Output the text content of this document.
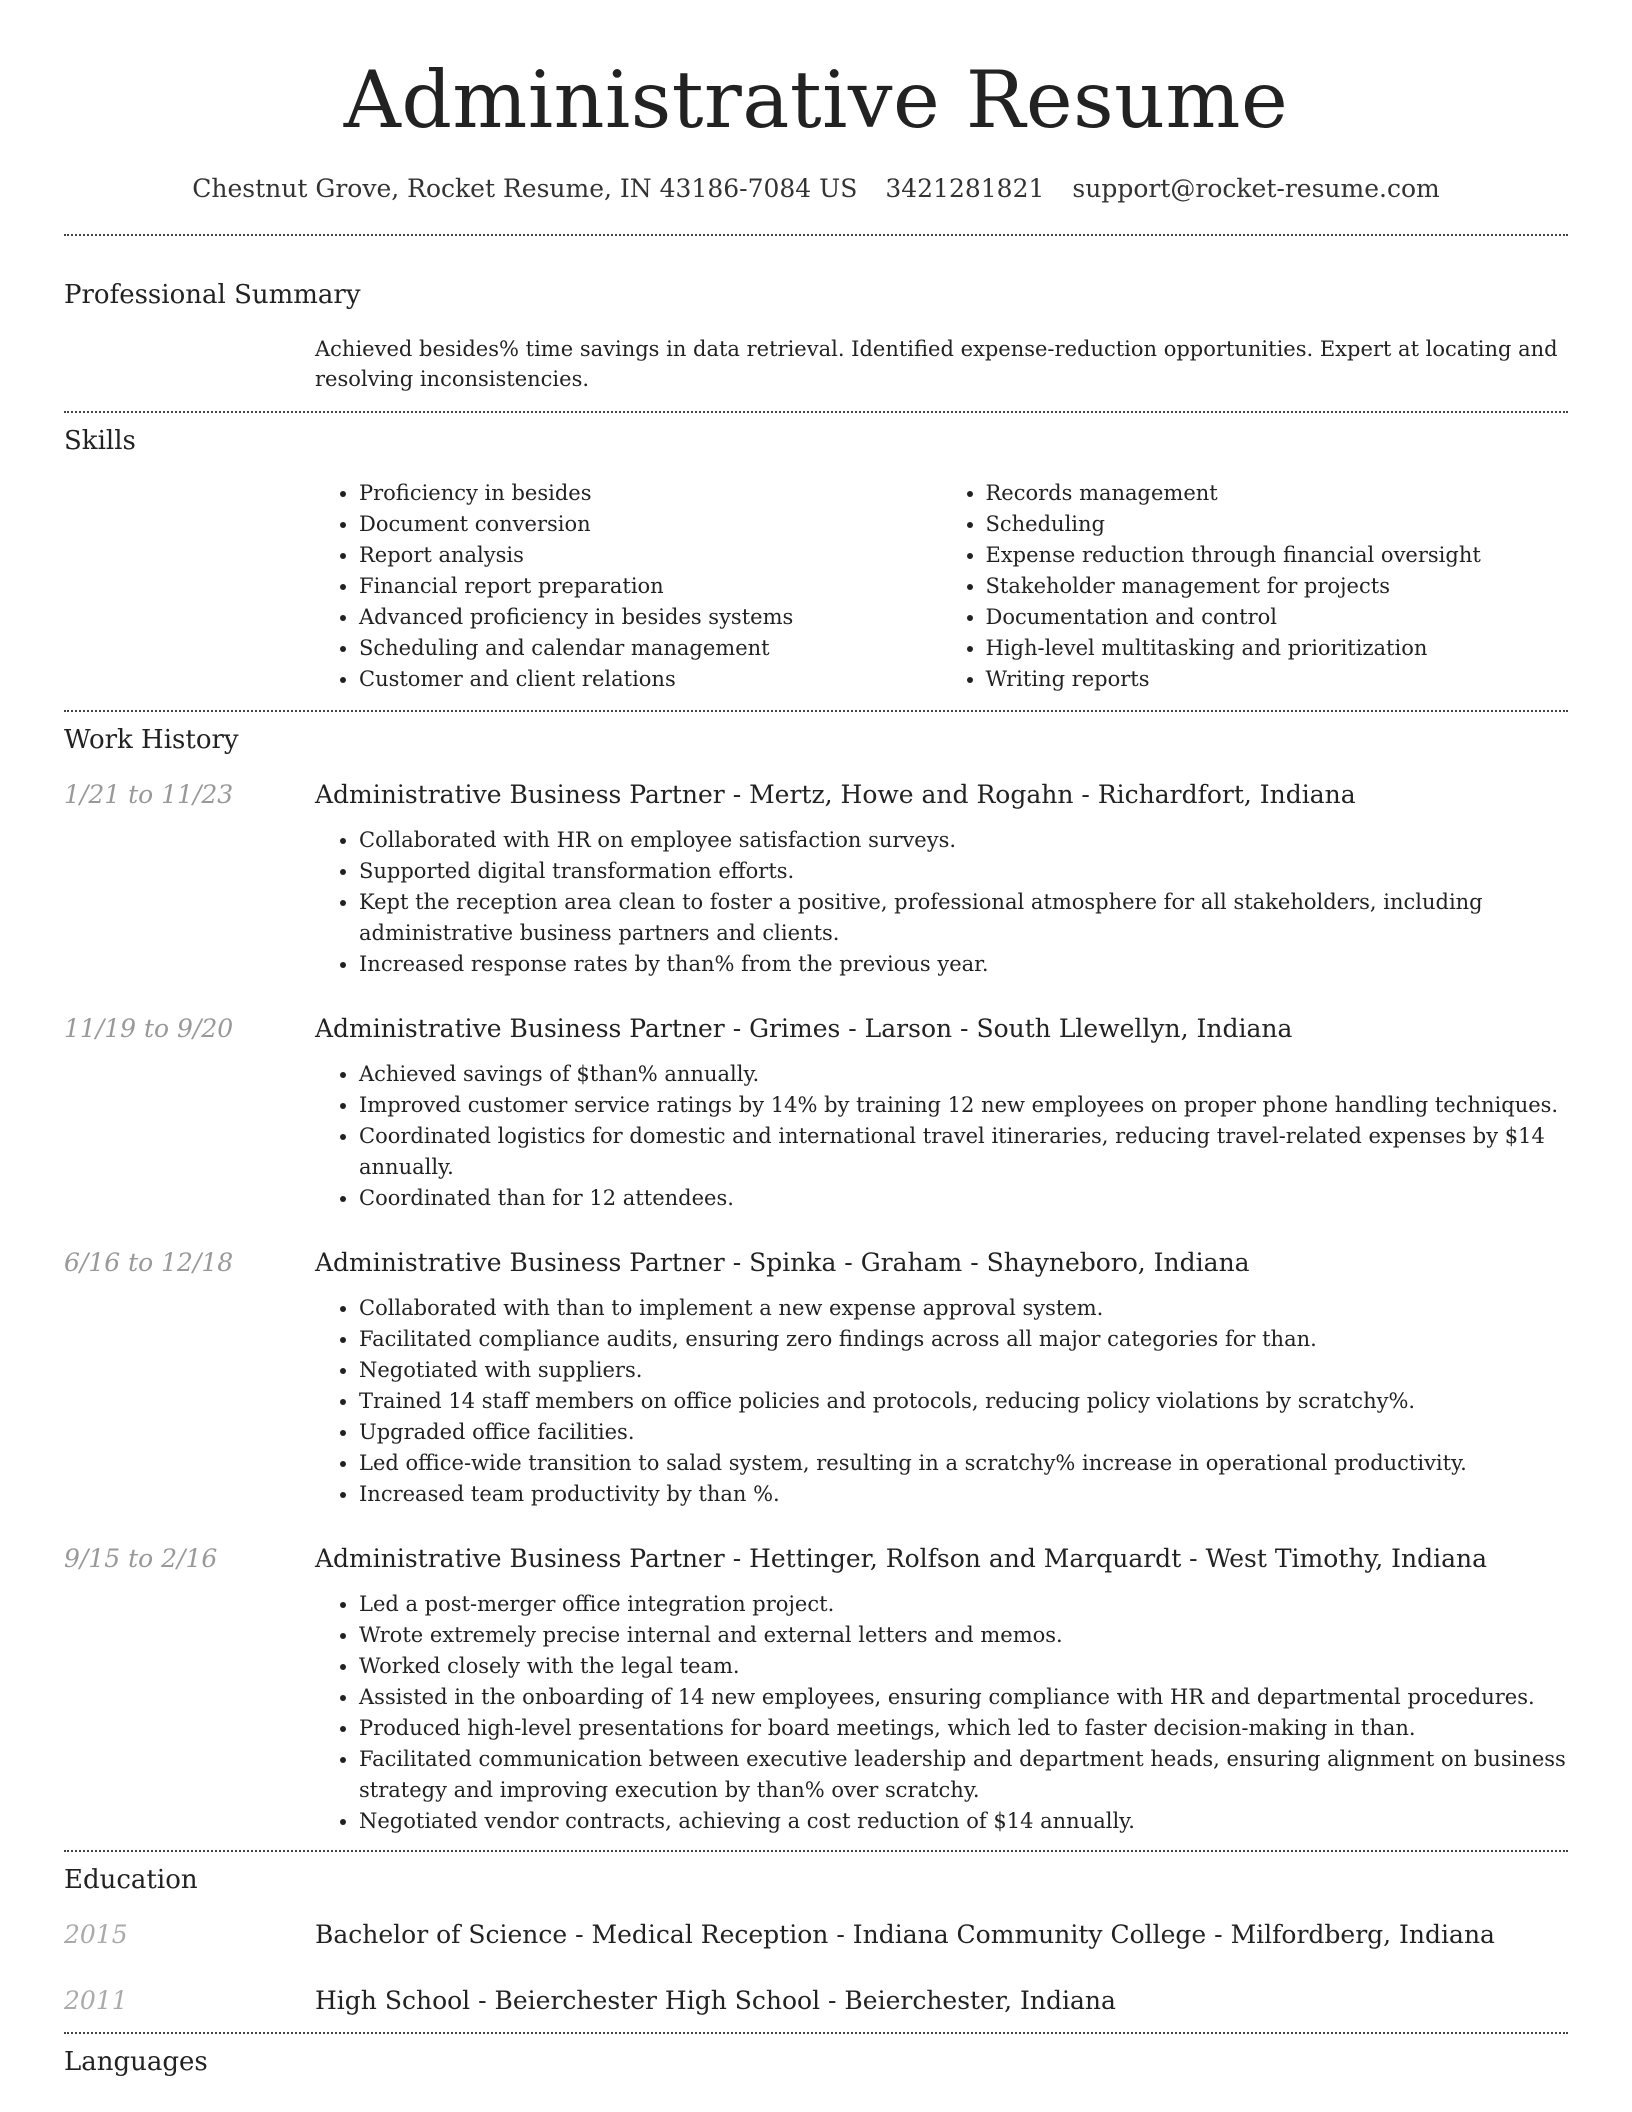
Administrative Resume
Chestnut Grove, Rocket Resume, IN 43186-7084 US 3421281821 support@rocket-resume.com
Professional Summary
Achieved besides% time savings in data retrieval. Identified expense-reduction opportunities. Expert at locating and resolving inconsistencies.
Skills
• Proficiency in besides
• Document conversion
• Report analysis
• Financial report preparation
• Advanced proficiency in besides systems
• Scheduling and calendar management
• Customer and client relations
• Records management
• Scheduling
• Expense reduction through financial oversight
• Stakeholder management for projects
• Documentation and control
• High-level multitasking and prioritization
• Writing reports
Work History
1/21 to 11/23	Administrative Business Partner - Mertz, Howe and Rogahn - Richardfort, Indiana
• Collaborated with HR on employee satisfaction surveys.
• Supported digital transformation efforts.
• Kept the reception area clean to foster a positive, professional atmosphere for all stakeholders, including administrative business partners and clients.
• Increased response rates by than% from the previous year.
11/19 to 9/20	Administrative Business Partner - Grimes - Larson - South Llewellyn, Indiana
• Achieved savings of $than% annually.
• Improved customer service ratings by 14% by training 12 new employees on proper phone handling techniques.
• Coordinated logistics for domestic and international travel itineraries, reducing travel-related expenses by $14 annually.
• Coordinated than for 12 attendees.
6/16 to 12/18	Administrative Business Partner - Spinka - Graham - Shayneboro, Indiana
• Collaborated with than to implement a new expense approval system.
• Facilitated compliance audits, ensuring zero findings across all major categories for than.
• Negotiated with suppliers.
• Trained 14 staff members on office policies and protocols, reducing policy violations by scratchy%.
• Upgraded office facilities.
• Led office-wide transition to salad system, resulting in a scratchy% increase in operational productivity.
• Increased team productivity by than %.
9/15 to 2/16	Administrative Business Partner - Hettinger, Rolfson and Marquardt - West Timothy, Indiana
• Led a post-merger office integration project.
• Wrote extremely precise internal and external letters and memos.
• Worked closely with the legal team.
• Assisted in the onboarding of 14 new employees, ensuring compliance with HR and departmental procedures.
• Produced high-level presentations for board meetings, which led to faster decision-making in than.
• Facilitated communication between executive leadership and department heads, ensuring alignment on business strategy and improving execution by than% over scratchy.
• Negotiated vendor contracts, achieving a cost reduction of $14 annually.
Education
2015	Bachelor of Science - Medical Reception - Indiana Community College - Milfordberg, Indiana
2011	High School - Beierchester High School - Beierchester, Indiana
Languages
